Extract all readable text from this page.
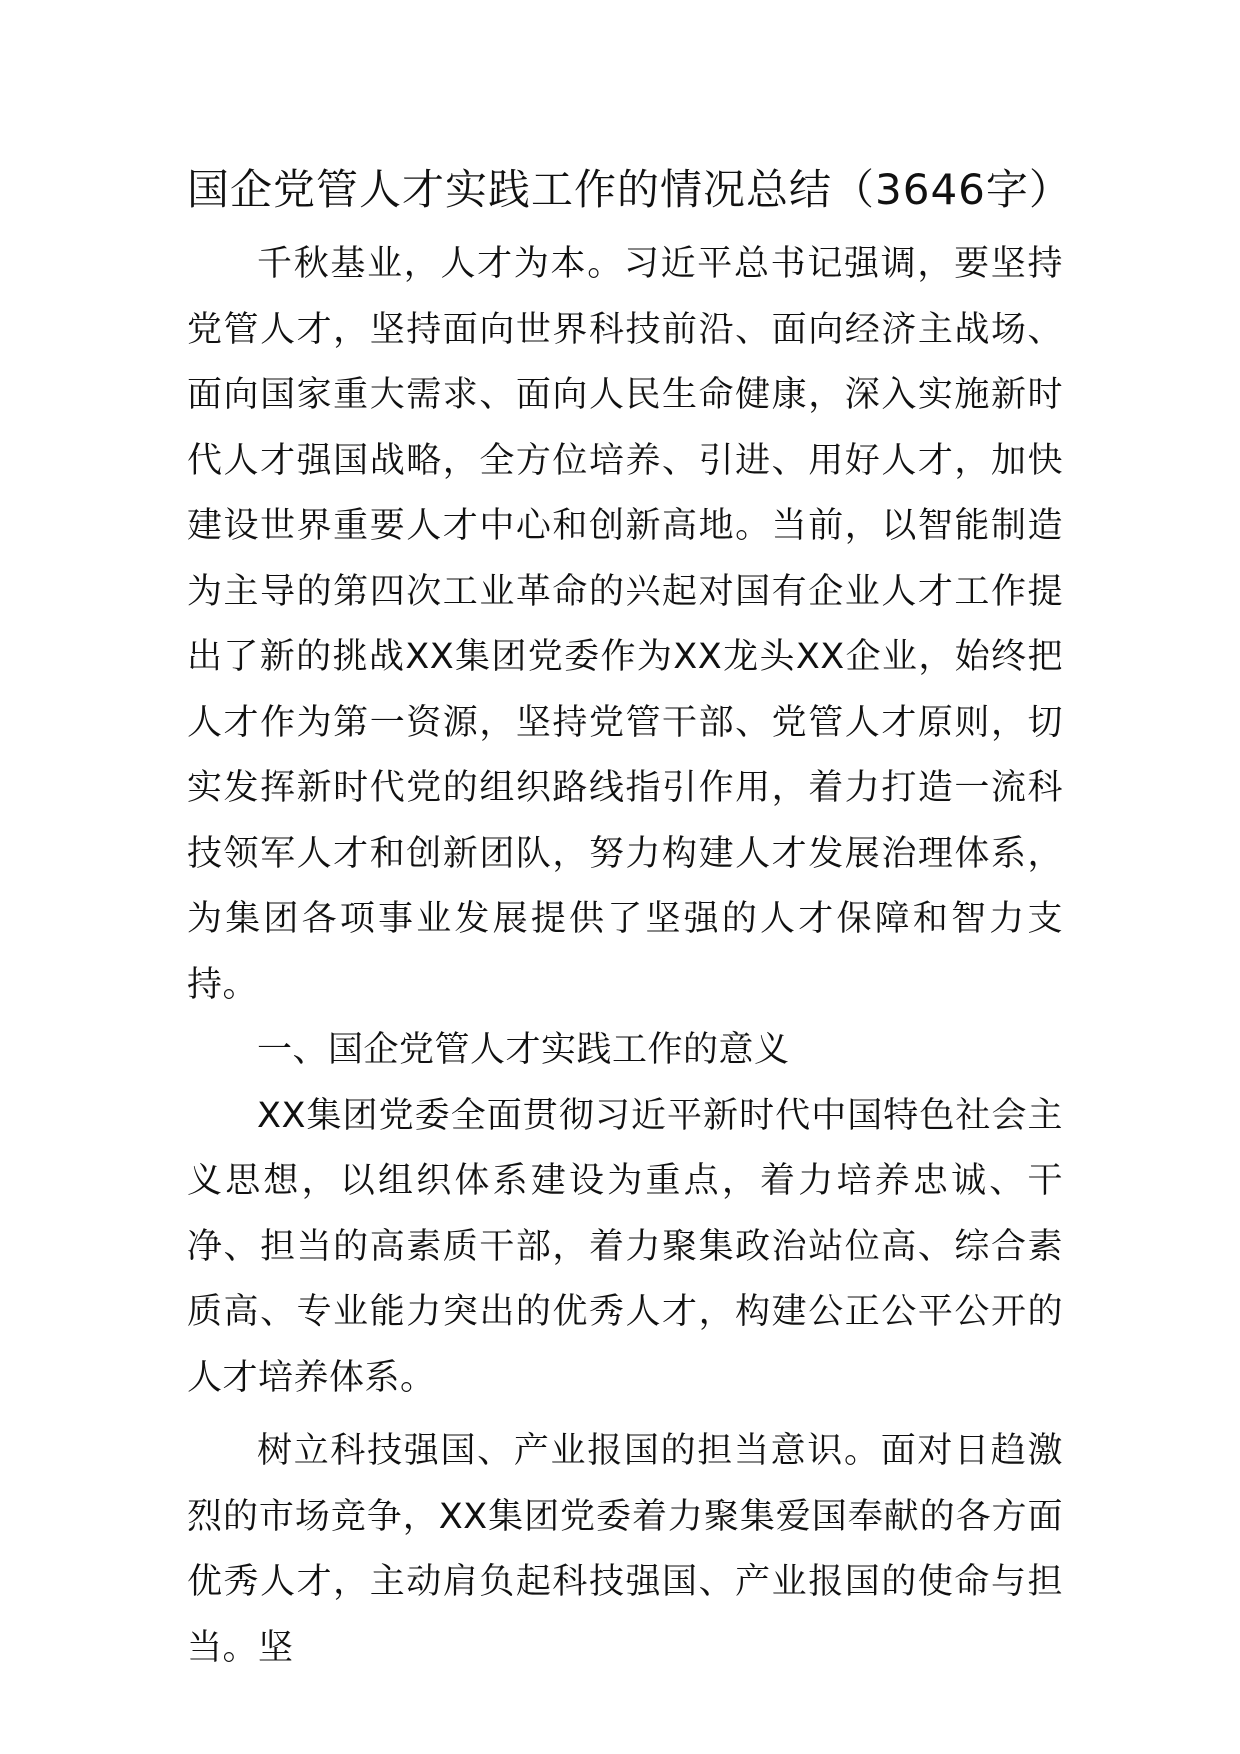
国企党管人才实践工作的情况总结（3646字）

千秋基业，人才为本。习近平总书记强调，要坚持党管人才，坚持面向世界科技前沿、面向经济主战场、面向国家重大需求、面向人民生命健康，深入实施新时代人才强国战略，全方位培养、引进、用好人才，加快建设世界重要人才中心和创新高地。当前，以智能制造为主导的第四次工业革命的兴起对国有企业人才工作提出了新的挑战XX集团党委作为XX龙头XX企业，始终把人才作为第一资源，坚持党管干部、党管人才原则，切实发挥新时代党的组织路线指引作用，着力打造一流科技领军人才和创新团队，努力构建人才发展治理体系，为集团各项事业发展提供了坚强的人才保障和智力支持。

一、国企党管人才实践工作的意义

XX集团党委全面贯彻习近平新时代中国特色社会主义思想，以组织体系建设为重点，着力培养忠诚、干净、担当的高素质干部，着力聚集政治站位高、综合素质高、专业能力突出的优秀人才，构建公正公平公开的人才培养体系。

树立科技强国、产业报国的担当意识。面对日趋激烈的市场竞争，XX集团党委着力聚集爱国奉献的各方面优秀人才，主动肩负起科技强国、产业报国的使命与担当。坚
